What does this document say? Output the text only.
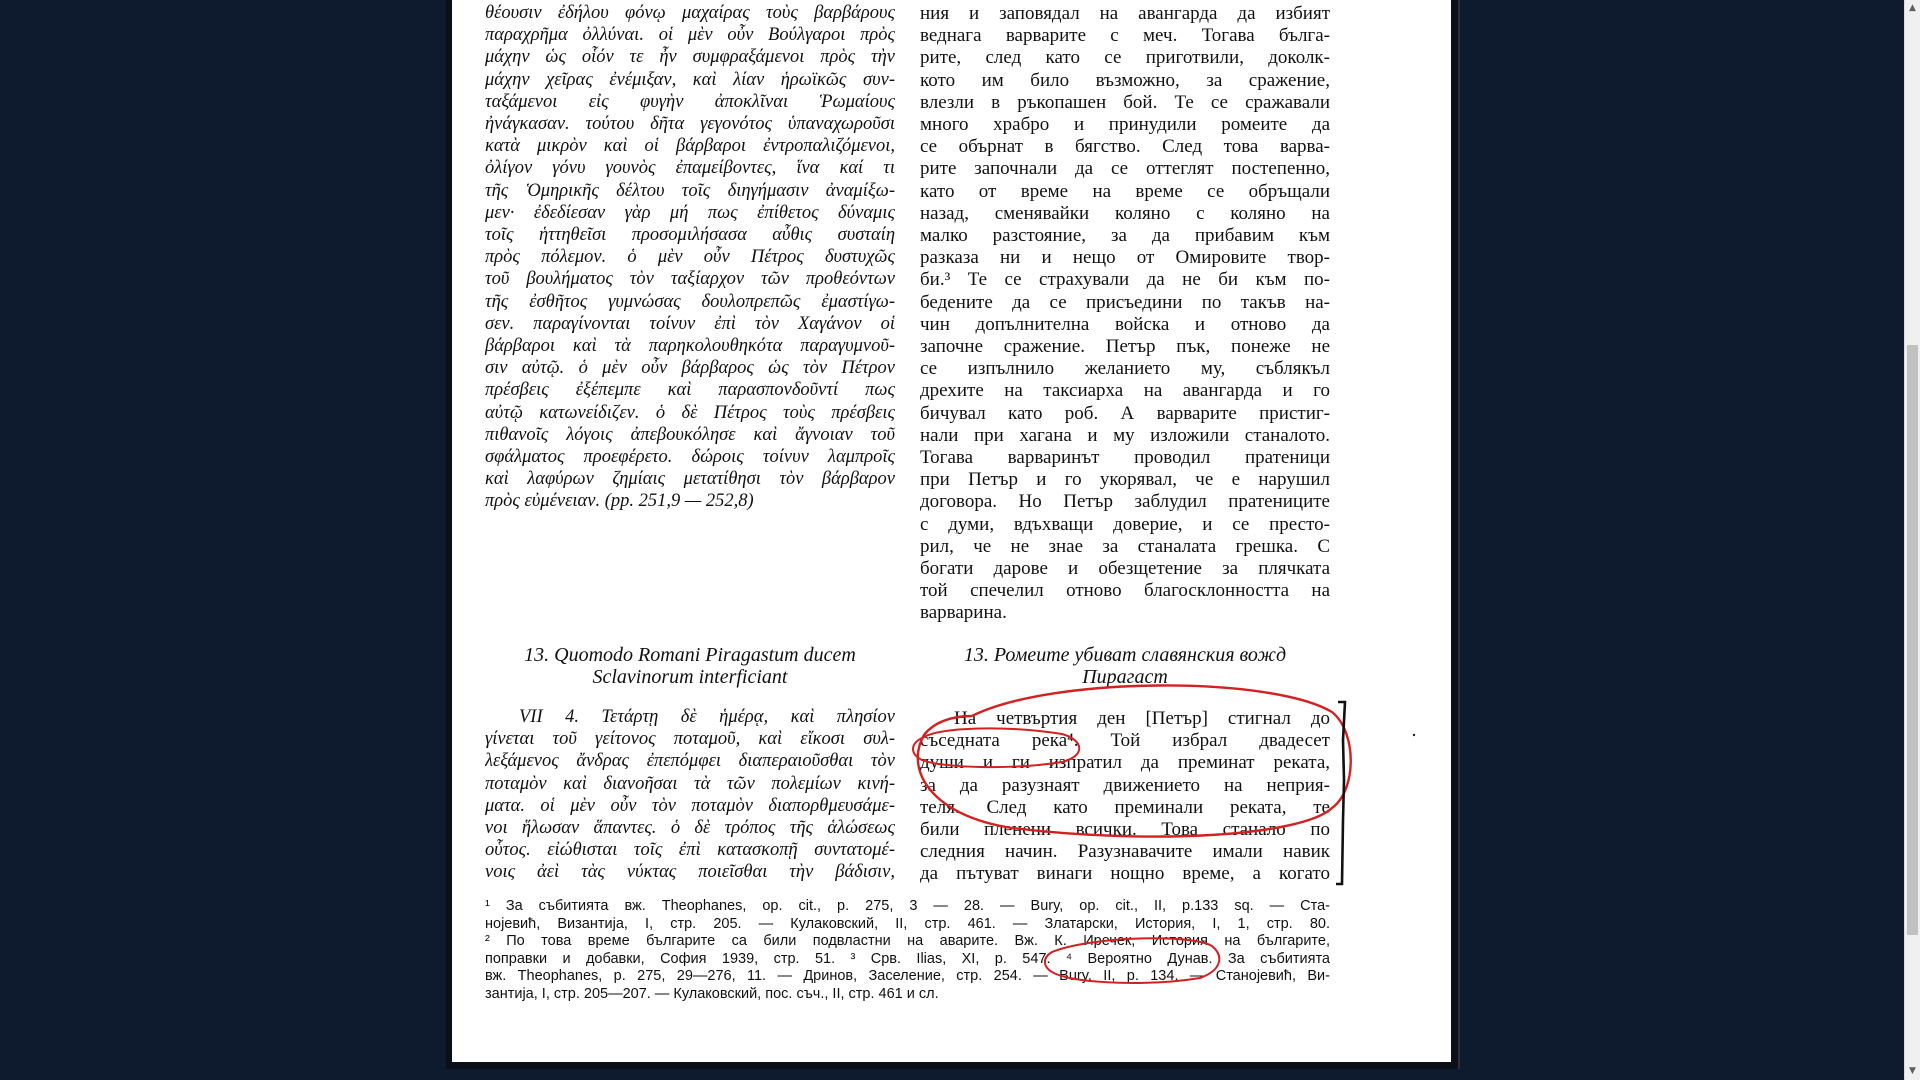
θέουσιν ἐδήλου φόνῳ μαχαίρας τοὺς βαρβάρους
παραχρῆμα ὀλλύναι. οἱ μὲν οὖν Βούλγαροι πρὸς
μάχην ὡς οἷόν τε ἦν συμφραξάμενοι πρὸς τὴν
μάχην χεῖρας ἐνέμιξαν, καὶ λίαν ἡρωϊκῶς συν-
ταξάμενοι εἰς φυγὴν ἀποκλῖναι Ῥωμαίους
ἠνάγκασαν. τούτου δῆτα γεγονότος ὑπαναχωροῦσι
κατὰ μικρὸν καὶ οἱ βάρβαροι ἐντροπαλιζόμενοι,
ὀλίγον γόνυ γουνὸς ἐπαμείβοντες, ἵνα καί τι
τῆς Ὁμηρικῆς δέλτου τοῖς διηγήμασιν ἀναμίξω-
μεν· ἐδεδίεσαν γὰρ μή πως ἐπίθετος δύναμις
τοῖς ἡττηθεῖσι προσομιλήσασα αὖθις συσταίη
πρὸς πόλεμον. ὁ μὲν οὖν Πέτρος δυστυχῶς
τοῦ βουλήματος τὸν ταξίαρχον τῶν προθεόντων
τῆς ἐσθῆτος γυμνώσας δουλοπρεπῶς ἐμαστίγω-
σεν. παραγίνονται τοίνυν ἐπὶ τὸν Χαγάνον οἱ
βάρβαροι καὶ τὰ παρηκολουθηκότα παραγυμνοῦ-
σιν αὐτῷ. ὁ μὲν οὖν βάρβαρος ὡς τὸν Πέτρον
πρέσβεις ἐξέπεμπε καὶ παρασπονδοῦντί πως
αὐτῷ κατωνείδιζεν. ὁ δὲ Πέτρος τοὺς πρέσβεις
πιθανοῖς λόγοις ἀπεβουκόλησε καὶ ἄγνοιαν τοῦ
σφάλματος προεφέρετο. δώροις τοίνυν λαμπροῖς
καὶ λαφύρων ζημίαις μετατίθησι τὸν βάρβαρον
πρὸς εὐμένειαν. (pp. 251,9 — 252,8)
ния и заповядал на авангарда да избият
веднага варварите с меч. Тогава бълга-
рите, след като се приготвили, доколк-
кото им било възможно, за сражение,
влезли в ръкопашен бой. Те се сражавали
много храбро и принудили ромеите да
се обърнат в бягство. След това варва-
рите започнали да се оттеглят постепенно,
като от време на време се обръщали
назад, сменявайки коляно с коляно на
малко разстояние, за да прибавим към
разказа ни и нещо от Омировите твор-
би.³ Те се страхували да не би към по-
бедените да се присъедини по такъв на-
чин допълнителна войска и отново да
започне сражение. Петър пък, понеже не
се изпълнило желанието му, съблякъл
дрехите на таксиарха на авангарда и го
бичувал като роб. А варварите пристиг-
нали при хагана и му изложили станалото.
Тогава варваринът проводил пратеници
при Петър и го укорявал, че е нарушил
договора. Но Петър заблудил пратениците
с думи, вдъхващи доверие, и се престо-
рил, че не знае за станалата грешка. С
богати дарове и обезщетение за плячката
той спечелил отново благосклонността на
варварина.
13. Quomodo Romani Piragastum ducem
Sclavinorum interficiant
13. Ромеите убиват славянския вожд
Пирагаст
VII 4. Τετάρτῃ δὲ ἡμέρᾳ, καὶ πλησίον
γίνεται τοῦ γείτονος ποταμοῦ, καὶ εἴκοσι συλ-
λεξάμενος ἄνδρας ἐπεπόμφει διαπεραιοῦσθαι τὸν
ποταμὸν καὶ διανοῆσαι τὰ τῶν πολεμίων κινή-
ματα. οἱ μὲν οὖν τὸν ποταμὸν διαπορθμευσάμε-
νοι ἥλωσαν ἅπαντες. ὁ δὲ τρόπος τῆς ἁλώσεως
οὗτος. εἰώθισται τοῖς ἐπὶ κατασκοπῇ συντατομέ-
νοις ἀεὶ τὰς νύκτας ποιεῖσθαι τὴν βάδισιν,
На четвъртия ден [Петър] стигнал до
съседната река⁴. Той избрал двадесет
души и ги изпратил да преминат реката,
за да разузнаят движението на неприя-
теля. След като преминали реката, те
били пленени всички. Това станало по
следния начин. Разузнавачите имали навик
да пътуват винаги нощно време, а когато
¹ За събитията вж. Theophanes, op. cit., p. 275, 3 — 28. — Bury, op. cit., II, p.133 sq. — Ста-
нојевић, Византија, I, стр. 205. — Кулаковский, II, стр. 461. — Златарски, История, I, 1, стр. 80.
² По това време българите са били подвластни на аварите. Вж. К. Иречек, История на българите,
поправки и добавки, София 1939, стр. 51. ³ Срв. Ilias, XI, p. 547. ⁴ Вероятно Дунав. За събитията
вж. Theophanes, p. 275, 29—276, 11. — Дринов, Заселение, стр. 254. — Bury, II, p. 134. — Станојевић, Ви-
зантија, I, стр. 205—207. — Кулаковский, пос. съч., II, стр. 461 и сл.
▲
▼
